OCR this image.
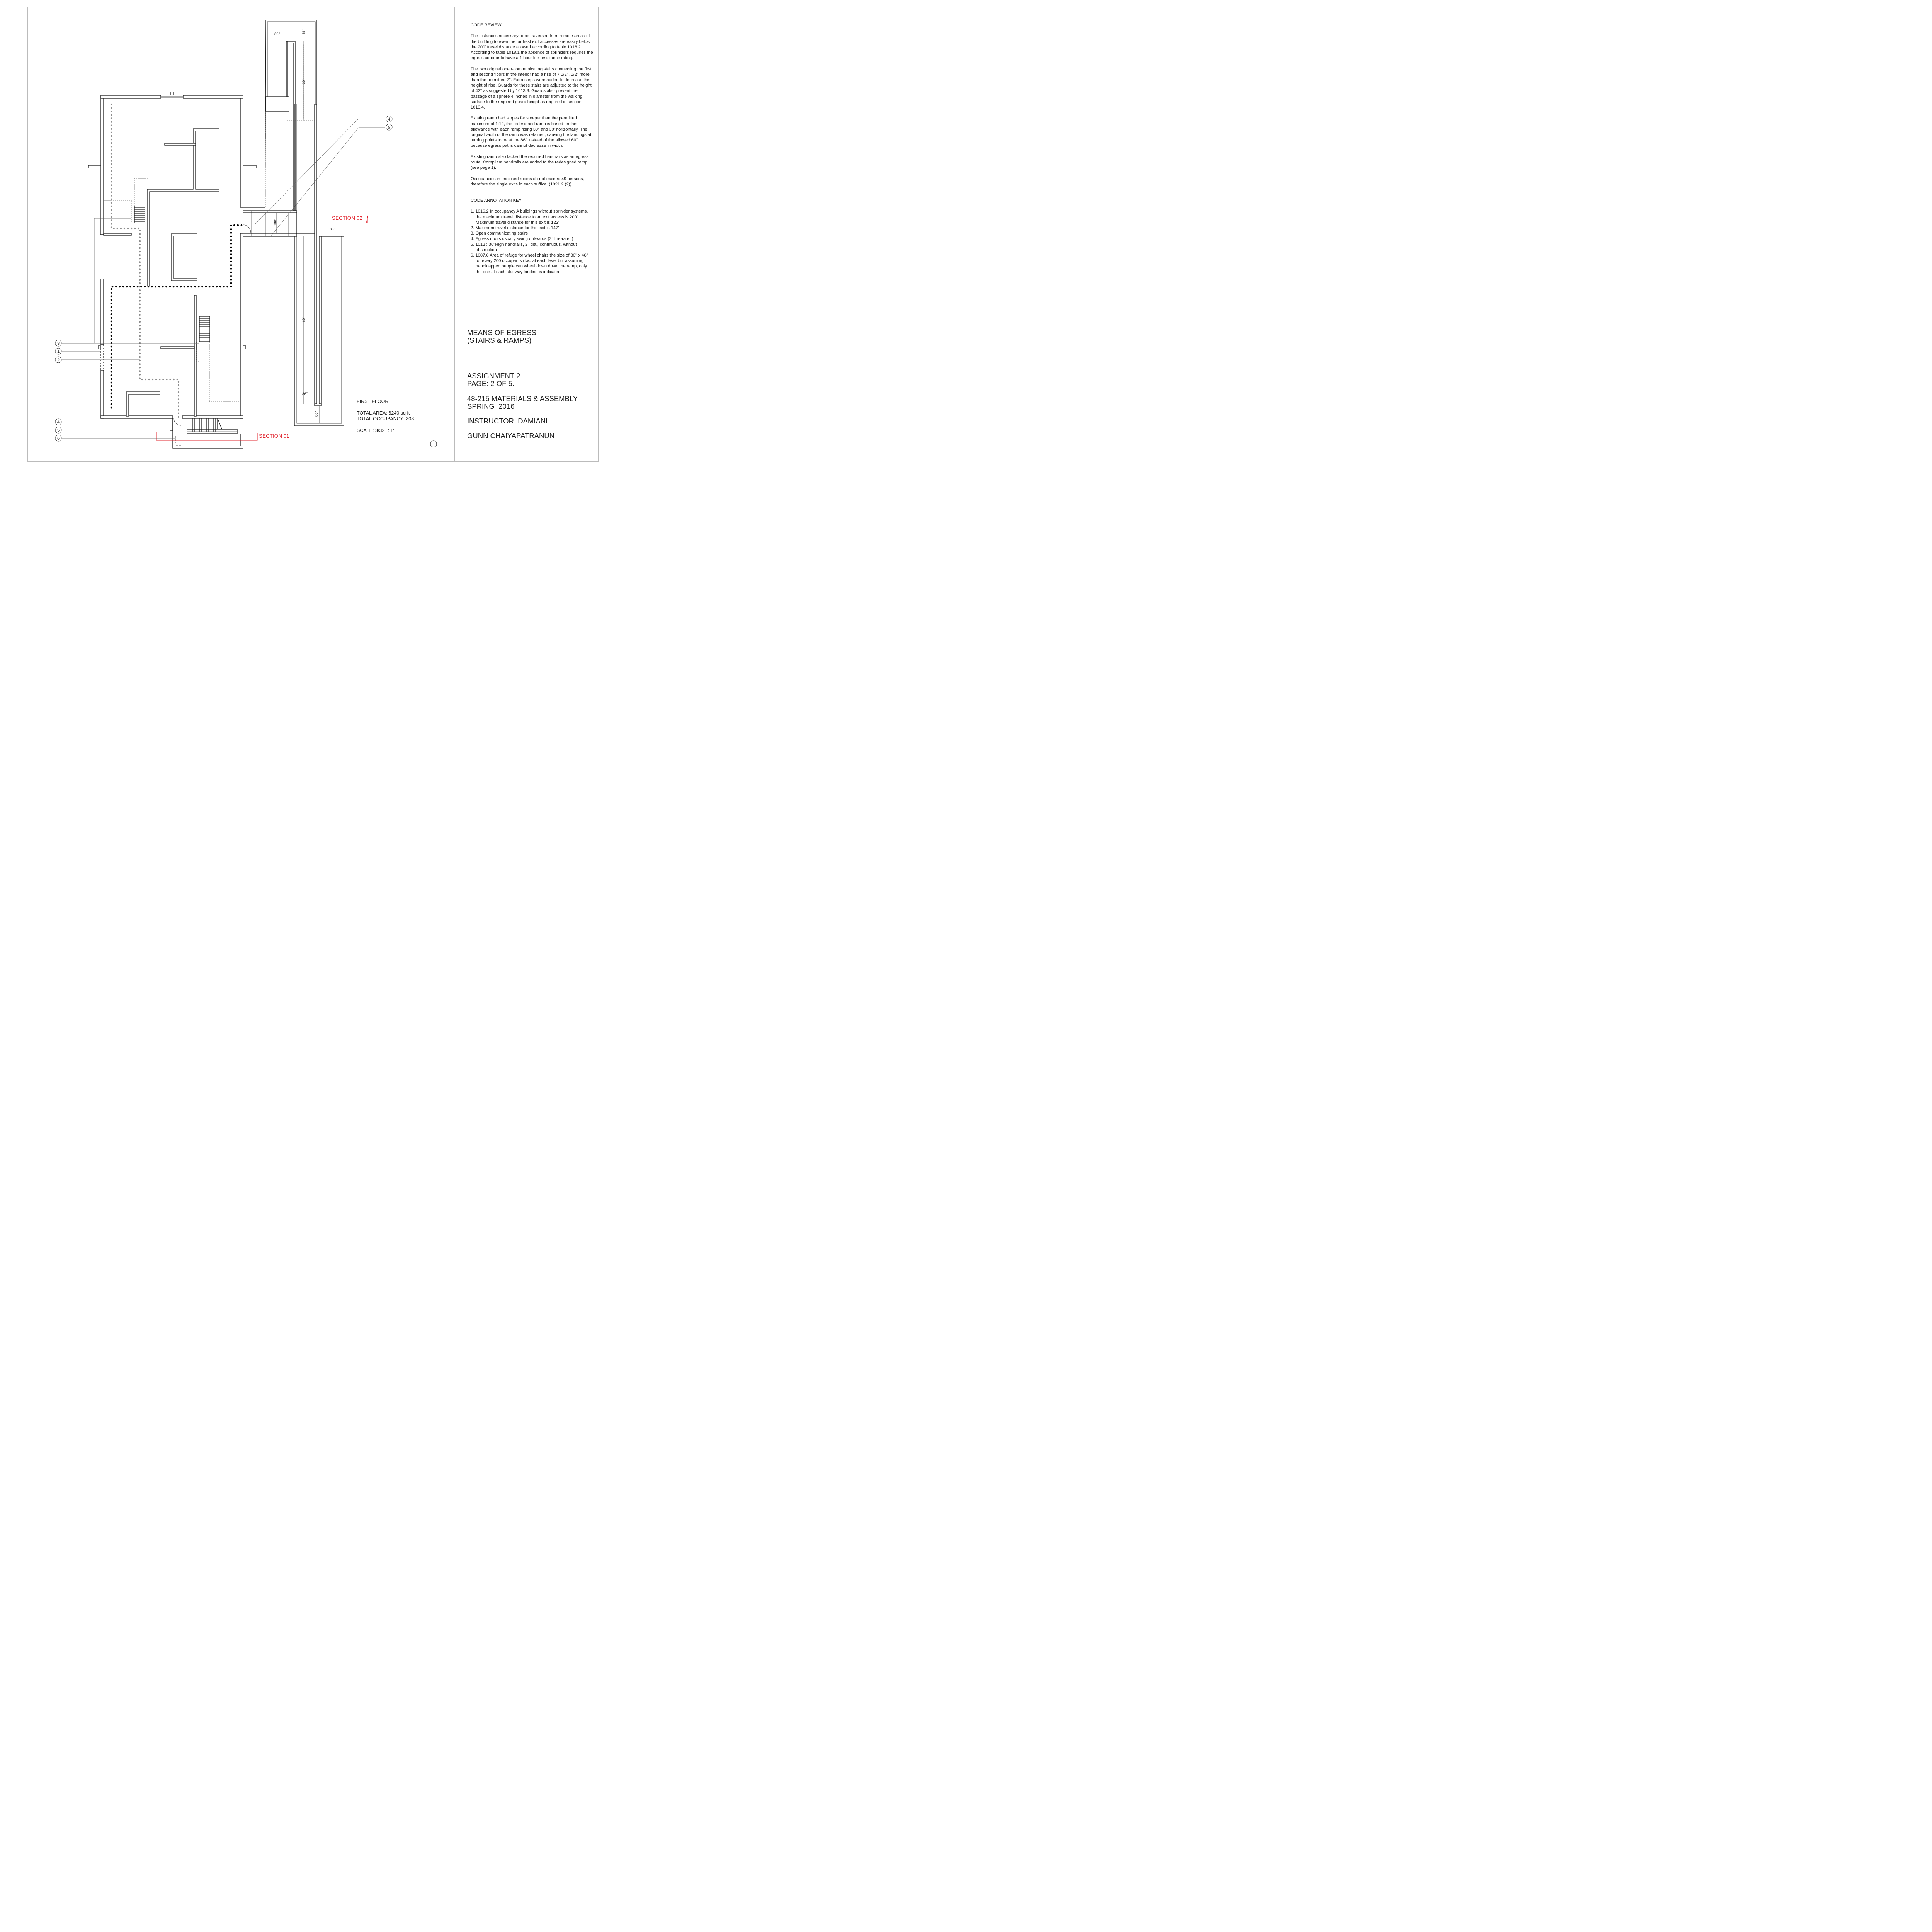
86''	86''
30''
108''
86''
60''
86''
86''
SECTION 02
SECTION 01
3
1
2
4
5
6
4
5
FIRST FLOOR
TOTAL AREA: 6240 sq ft
TOTAL OCCUPANCY: 208
SCALE: 3/32'' : 1'
CODE REVIEW
The distances necessary to be traversed from remote areas of the building to even the farthest exit accesses are easily below the 200' travel distance allowed according to table 1016.2. According to table 1018.1 the absence of sprinklers requires the egress corridor to have a 1 hour fire resistance rating.
The two original open-communicating stairs connecting the first and second floors in the interior had a rise of 7 1/2'', 1/2'' more than the permitted 7''. Extra steps were added to decrease this height of rise. Guards for these stairs are adjusted to the height of 42'' as suggested by 1013.3. Guards also prevent the passage of a sphere 4 inches in diameter from the walking surface to the required guard height as required in section 1013.4.
Existing ramp had slopes far steeper than the permitted maximum of 1:12, the redesigned ramp is based on this allowance with each ramp rising 30'' and 30' horizontally. The original width of the ramp was retained, causing the landings at turning points to be at the 86'' instead of the allowed 60'' because egress paths cannot decrease in width.
Existing ramp also lacked the required handrails as an egress route. Compliant handrails are added to the redesigned ramp (see page 1).
Occupancies in enclosed rooms do not exceed 49 persons, therefore the single exits in each suffice. (1021.2.(2))
CODE ANNOTATION KEY:
1. 1016.2 In occupancy A buildings without sprinkler systems, the maximum travel distance to an exit access is 200'. Maximum travel distance for this exit is 122'
2. Maximum travel distance for this exit is 147'
3. Open communicating stairs
4. Egress doors usually swing outwards (2'' fire-rated)
5. 1012 : 36''High handrails, 2'' dia., continuous, without obstruction
6. 1007.6 Area of refuge for wheel chairs the size of 30'' x 48'' for every 200 occupants (two at each level but assuming handicapped people can wheel down down the ramp, only the one at each stairway landing is indicated
MEANS OF EGRESS
(STAIRS & RAMPS)
ASSIGNMENT 2
PAGE: 2 OF 5.
48-215 MATERIALS & ASSEMBLY
SPRING  2016
INSTRUCTOR: DAMIANI
GUNN CHAIYAPATRANUN
